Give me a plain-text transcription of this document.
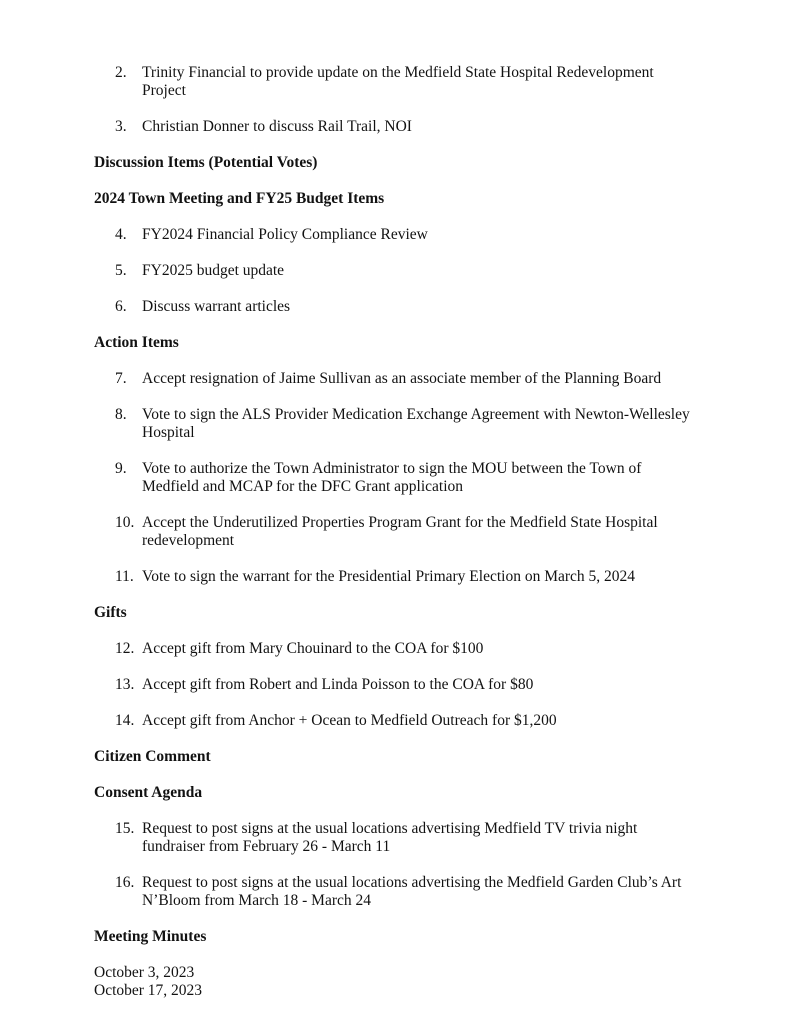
2. Trinity Financial to provide update on the Medfield State Hospital Redevelopment Project
3. Christian Donner to discuss Rail Trail, NOI
Discussion Items (Potential Votes)
2024 Town Meeting and FY25 Budget Items
4. FY2024 Financial Policy Compliance Review
5. FY2025 budget update
6. Discuss warrant articles
Action Items
7. Accept resignation of Jaime Sullivan as an associate member of the Planning Board
8. Vote to sign the ALS Provider Medication Exchange Agreement with Newton-Wellesley Hospital
9. Vote to authorize the Town Administrator to sign the MOU between the Town of Medfield and MCAP for the DFC Grant application
10. Accept the Underutilized Properties Program Grant for the Medfield State Hospital redevelopment
11. Vote to sign the warrant for the Presidential Primary Election on March 5, 2024
Gifts
12. Accept gift from Mary Chouinard to the COA for $100
13. Accept gift from Robert and Linda Poisson to the COA for $80
14. Accept gift from Anchor + Ocean to Medfield Outreach for $1,200
Citizen Comment
Consent Agenda
15. Request to post signs at the usual locations advertising Medfield TV trivia night fundraiser from February 26 - March 11
16. Request to post signs at the usual locations advertising the Medfield Garden Club’s Art N’Bloom from March 18 - March 24
Meeting Minutes
October 3, 2023
October 17, 2023
